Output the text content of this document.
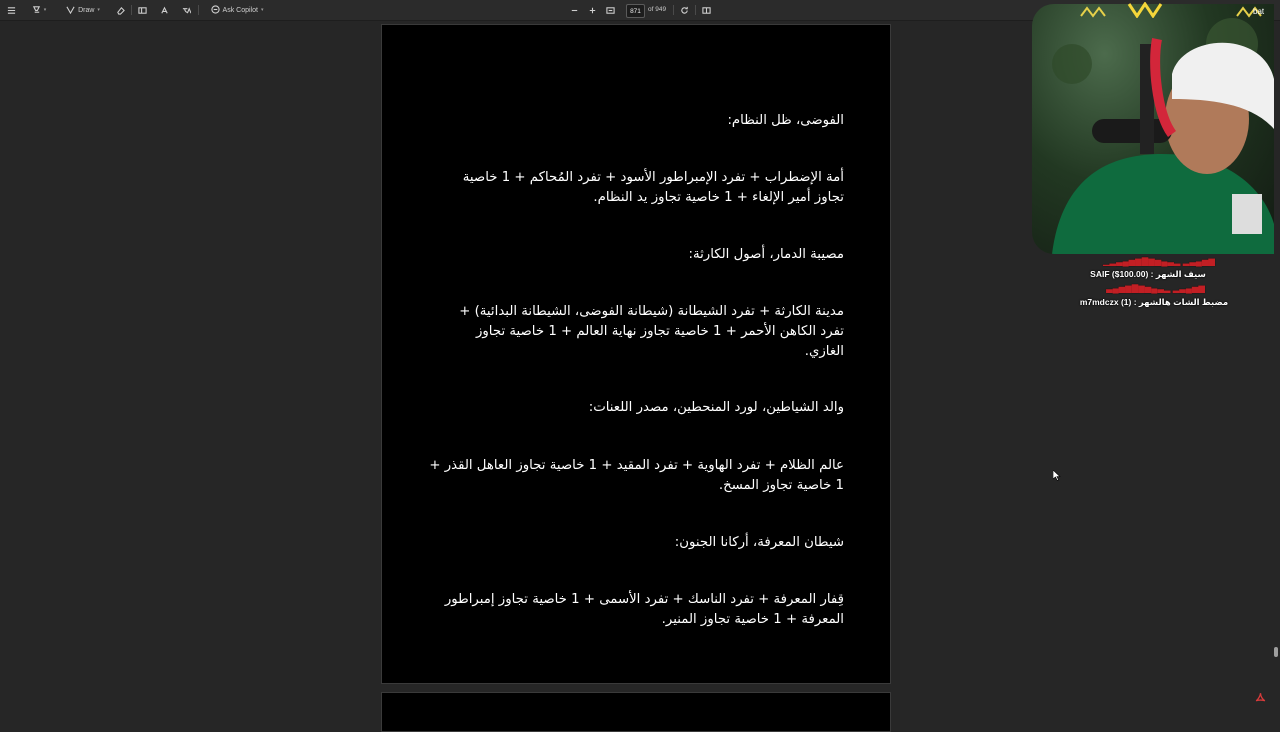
▾	Draw ▾	Ask Copilot ▾	871	of 949
الفوضى، ظل النظام:
أمة الإضطراب + تفرد الإمبراطور الأسود + تفرد المُحاكم + 1 خاصية تجاوز أمير الإلغاء + 1 خاصية تجاوز يد النظام.
مصيبة الدمار، أصول الكارثة:
مدينة الكارثة + تفرد الشيطانة (شيطانة الفوضى، الشيطانة البدائية) + تفرد الكاهن الأحمر + 1 خاصية تجاوز نهاية العالم + 1 خاصية تجاوز الغازي.
والد الشياطين، لورد المنحطين، مصدر اللعنات:
عالم الظلام + تفرد الهاوية + تفرد المقيد + 1 خاصية تجاوز العاهل القذر + 1 خاصية تجاوز المسخ.
شيطان المعرفة، أركانا الجنون:
قِفار المعرفة + تفرد الناسك + تفرد الأسمى + 1 خاصية تجاوز إمبراطور المعرفة + 1 خاصية تجاوز المنير.
bat
▆▅▄▃▂ ▂▃▄▅▆▇▆▅▄▃▂▁
سيف الشهر : SAIF ($100.00)
▆▅▄▃▂ ▂▃▄▅▆▇▆▅▄▃
مضبط الشات هالشهر : m7mdczx (1)
